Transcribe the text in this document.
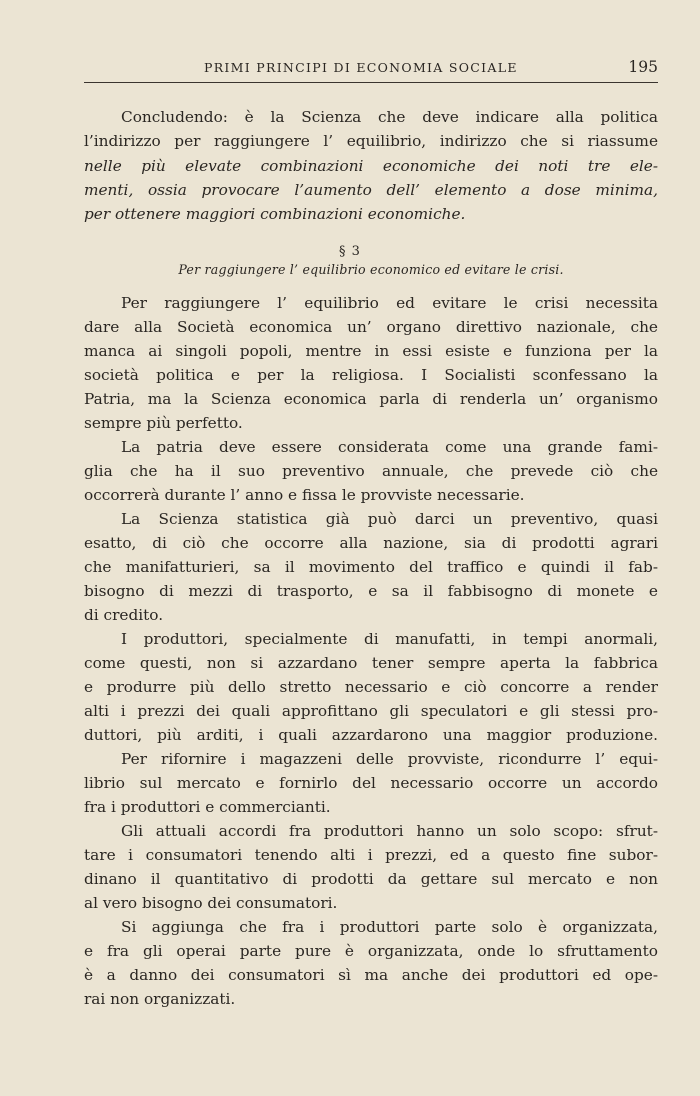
PRIMI PRINCIPI DI ECONOMIA SOCIALE	195
Concludendo: è la Scienza che deve indicare alla politica
l’indirizzo per raggiungere l’ equilibrio, indirizzo che si riassume
nelle più elevate combinazioni economiche dei noti tre ele-
menti, ossia provocare l’aumento dell’ elemento a dose minima,
per ottenere maggiori combinazioni economiche.
§ 3
Per raggiungere l’ equilibrio economico ed evitare le crisi.
Per raggiungere l’ equilibrio ed evitare le crisi necessita
dare alla Società economica un’ organo direttivo nazionale, che
manca ai singoli popoli, mentre in essi esiste e funziona per la
società politica e per la religiosa. I Socialisti sconfessano la
Patria, ma la Scienza economica parla di renderla un’ organismo
sempre più perfetto.
La patria deve essere considerata come una grande fami-
glia che ha il suo preventivo annuale, che prevede ciò che
occorrerà durante l’ anno e fissa le provviste necessarie.
La Scienza statistica già può darci un preventivo, quasi
esatto, di ciò che occorre alla nazione, sia di prodotti agrari
che manifatturieri, sa il movimento del traffico e quindi il fab-
bisogno di mezzi di trasporto, e sa il fabbisogno di monete e
di credito.
I produttori, specialmente di manufatti, in tempi anormali,
come questi, non si azzardano tener sempre aperta la fabbrica
e produrre più dello stretto necessario e ciò concorre a render
alti i prezzi dei quali approfittano gli speculatori e gli stessi pro-
duttori, più arditi, i quali azzardarono una maggior produzione.
Per rifornire i magazzeni delle provviste, ricondurre l’ equi-
librio sul mercato e fornirlo del necessario occorre un accordo
fra i produttori e commercianti.
Gli attuali accordi fra produttori hanno un solo scopo: sfrut-
tare i consumatori tenendo alti i prezzi, ed a questo fine subor-
dinano il quantitativo di prodotti da gettare sul mercato e non
al vero bisogno dei consumatori.
Si aggiunga che fra i produttori parte solo è organizzata,
e fra gli operai parte pure è organizzata, onde lo sfruttamento
è a danno dei consumatori sì ma anche dei produttori ed ope-
rai non organizzati.
